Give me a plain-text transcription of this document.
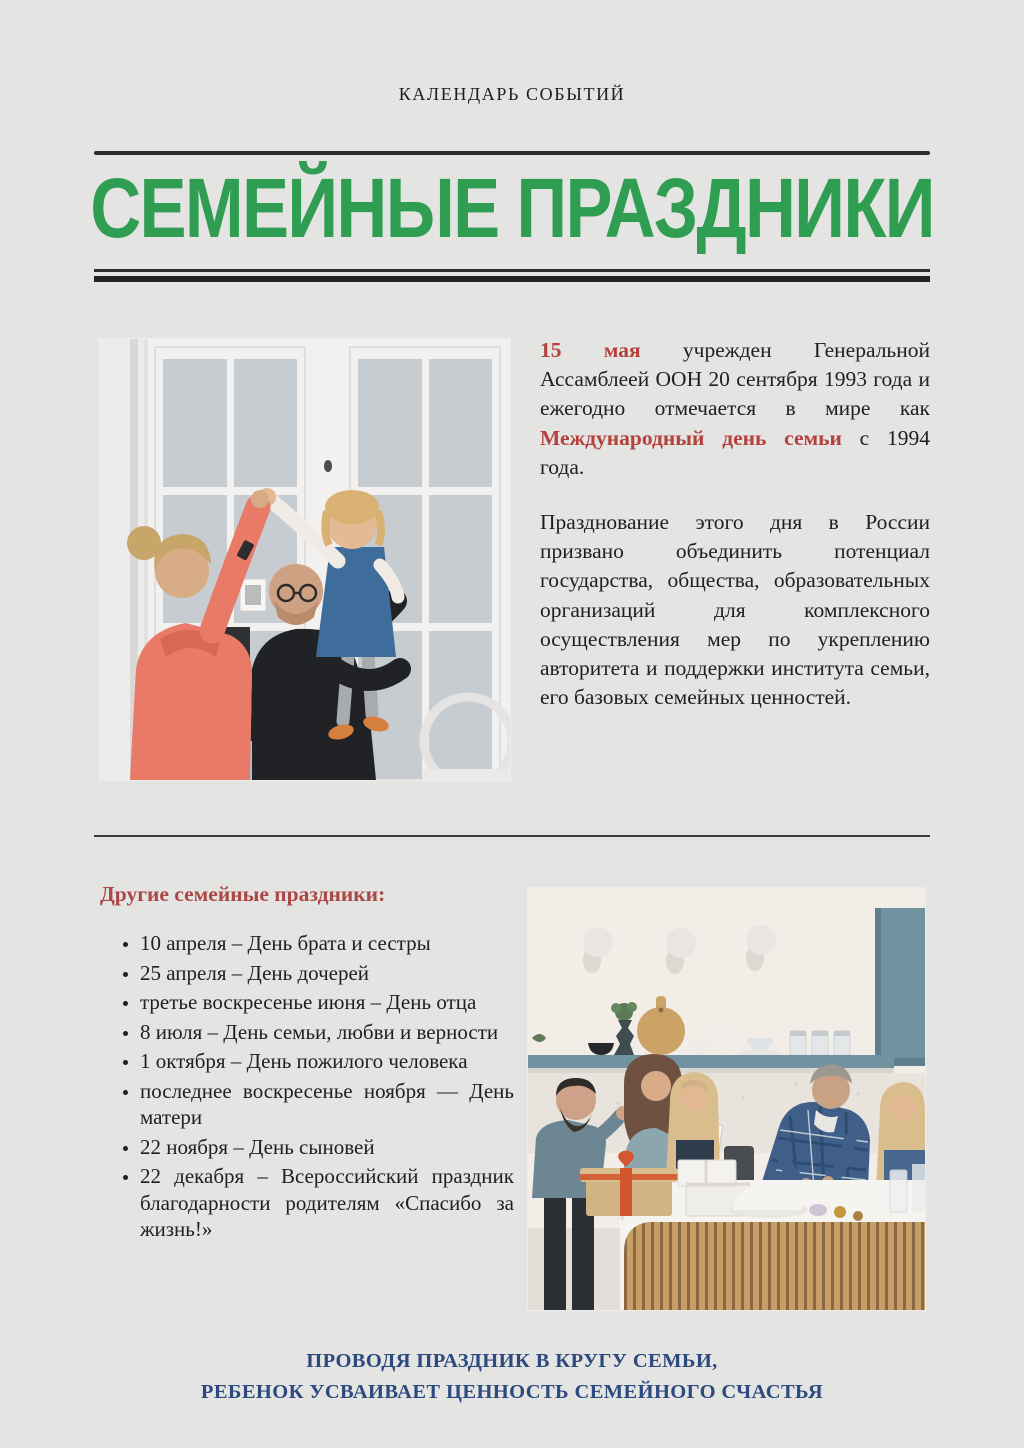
КАЛЕНДАРЬ СОБЫТИЙ
СЕМЕЙНЫЕ ПРАЗДНИКИ

15 мая учрежден Генеральной Ассамблеей ООН 20 сентября 1993 года и ежегодно отмечается в мире как Международный день семьи с 1994 года.

Празднование этого дня в России призвано объединить потенциал государства, общества, образовательных организаций для комплексного осуществления мер по укреплению авторитета и поддержки института семьи, его базовых семейных ценностей.

Другие семейные праздники:
• 10 апреля – День брата и сестры
• 25 апреля – День дочерей
• третье воскресенье июня – День отца
• 8 июля – День семьи, любви и верности
• 1 октября – День пожилого человека
• последнее воскресенье ноября — День матери
• 22 ноября – День сыновей
• 22 декабря – Всероссийский праздник благодарности родителям «Спасибо за жизнь!»
ПРОВОДЯ ПРАЗДНИК В КРУГУ СЕМЬИ,
РЕБЕНОК УСВАИВАЕТ ЦЕННОСТЬ СЕМЕЙНОГО СЧАСТЬЯ
